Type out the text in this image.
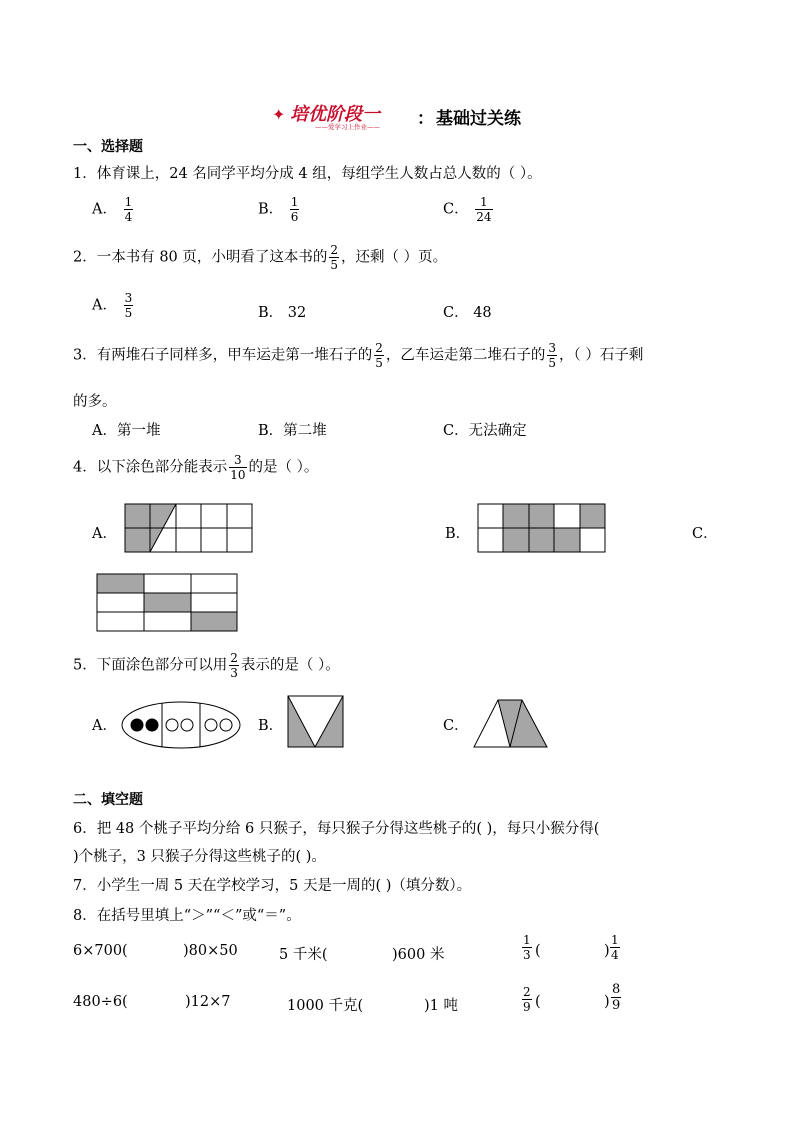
✦ 培优阶段一
——爱学习上作业—— ： 基础过关练
一、选择题
1．体育课上，24 名同学平均分成 4 组，每组学生人数占总人数的（ ）。
A． $\frac{1}{4}$	B． $\frac{1}{6}$	C． $\frac{1}{24}$
2．一本书有 80 页，小明看了这本书的 $\frac{2}{5}$ ，还剩（ ）页。
A． $\frac{3}{5}$	B． 32	C． 48
3．有两堆石子同样多，甲车运走第一堆石子的 $\frac{2}{5}$ ，乙车运走第二堆石子的 $\frac{3}{5}$ ，（ ）石子剩
的多。
A．第一堆	B．第二堆	C．无法确定
4．以下涂色部分能表示 $\frac{3}{10}$ 的是（ ）。
A．	B．	C．
5．下面涂色部分可以用 $\frac{2}{3}$ 表示的是（ ）。
A．	B．	C．
二、填空题
6．把 48 个桃子平均分给 6 只猴子，每只猴子分得这些桃子的( )，每只小猴分得(
)个桃子，3 只猴子分得这些桃子的( )。
7．小学生一周 5 天在学校学习，5 天是一周的( )（填分数）。
8．在括号里填上“＞”“＜”或“＝”。
6×700(	)80×50	5 千米(	)600 米	$\frac{1}{3}$ (	) $\frac{1}{4}$
480÷6(	)12×7	1000 千克(	)1 吨	$\frac{2}{9}$ (	) $\frac{8}{9}$
